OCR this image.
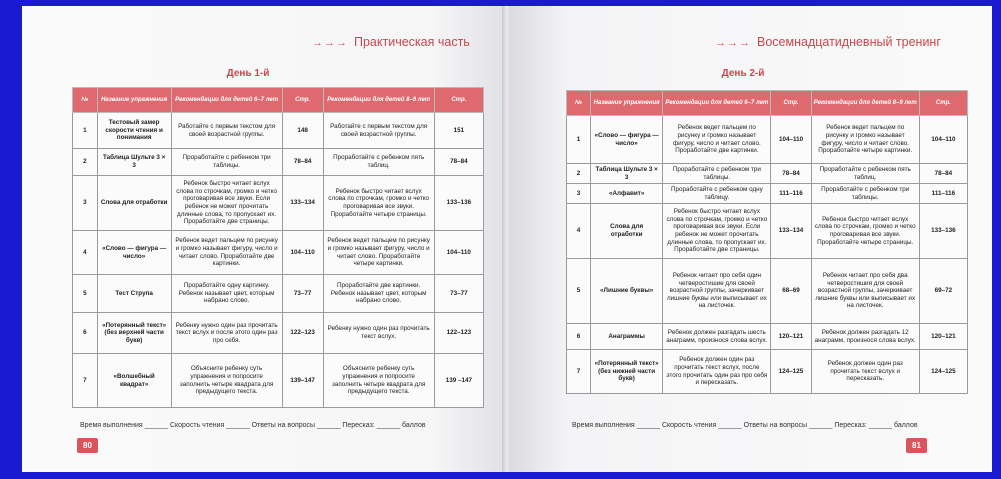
→→→ Практическая часть
День 1-й
№	Название упражнения	Рекомендации для детей 6–7 лет	Стр.	Рекомендации для детей 8–9 лет	Стр.
1	Тестовый замер скорости чтения и понимания	Работайте с первым текстом для своей возрастной группы.	148	Работайте с первым текстом для своей возрастной группы.	151
2	Таблица Шульте 3 × 3	Проработайте с ребенком три таблицы.	78–84	Проработайте с ребенком пять таблиц.	78–84
3	Слова для отработки	Ребенок быстро читает вслух слова по строчкам, громко и четко проговаривая все звуки. Если ребенок не может прочитать длинные слова, то пропускает их. Проработайте две страницы.	133–134	Ребенок быстро читает вслух слова по строчкам, громко и четко проговаривая все звуки. Проработайте четыре страницы.	133–136
4	«Слово — фигура — число»	Ребенок ведет пальцем по рисунку и громко называет фигуру, число и читает слово. Проработайте две картинки.	104–110	Ребенок ведет пальцем по рисунку и громко называет фигуру, число и читает слово. Проработайте четыре картинки.	104–110
5	Тест Струпа	Проработайте одну картинку. Ребенок называет цвет, которым набрано слово.	73–77	Проработайте две картинки. Ребенок называет цвет, которым набрано слово.	73–77
6	«Потерянный текст» (без верхней части букв)	Ребенку нужно один раз прочитать текст вслух и после этого один раз про себя.	122–123	Ребенку нужно один раз прочитать текст вслух.	122–123
7	«Волшебный квадрат»	Объясните ребенку суть упражнения и попросите заполнить четыре квадрата для предыдущего текста.	139–147	Объясните ребенку суть упражнения и попросите заполнить четыре квадрата для предыдущего текста.	139 –147
Время выполнения ______ Скорость чтения ______ Ответы на вопросы ______ Пересказ: ______ баллов
80
→→→ Восемнадцатидневный тренинг
День 2-й
№	Название упражнения	Рекомендации для детей 6–7 лет	Стр.	Рекомендации для детей 8–9 лет	Стр.
1	«Слово — фигура — число»	Ребенок ведет пальцем по рисунку и громко называет фигуру, число и читает слово. Проработайте две картинки.	104–110	Ребенок ведет пальцем по рисунку и громко называет фигуру, число и читает слово. Проработайте четыре картинки.	104–110
2	Таблица Шульте 3 × 3	Проработайте с ребенком три таблицы.	78–84	Проработайте с ребенком пять таблиц.	78–84
3	«Алфавит»	Проработайте с ребенком одну таблицу.	111–116	Проработайте с ребенком три таблицы.	111–116
4	Слова для отработки	Ребенок быстро читает вслух слова по строчкам, громко и четко проговаривая все звуки. Если ребенок не может прочитать длинные слова, то пропускает их. Проработайте две страницы.	133–134	Ребенок быстро читает вслух слова по строчкам, громко и четко проговаривая все звуки. Проработайте четыре страницы.	133–136
5	«Лишние буквы»	Ребенок читает про себя один четверостишие для своей возрастной группы, зачеркивает лишние буквы или выписывает их на листочек.	68–69	Ребенок читает про себя два четверостишия для своей возрастной группы, зачеркивает лишние буквы или выписывает их на листочек.	69–72
6	Анаграммы	Ребенок должен разгадать шесть анаграмм, произнося слова вслух.	120–121	Ребенок должен разгадать 12 анаграмм, произнося слова вслух.	120–121
7	«Потерянный текст» (без нижней части букв)	Ребенок должен один раз прочитать текст вслух, после этого прочитать один раз про себя и пересказать.	124–125	Ребенок должен один раз прочитать текст вслух и пересказать.	124–125
Время выполнения ______ Скорость чтения ______ Ответы на вопросы ______ Пересказ: ______ баллов
81
